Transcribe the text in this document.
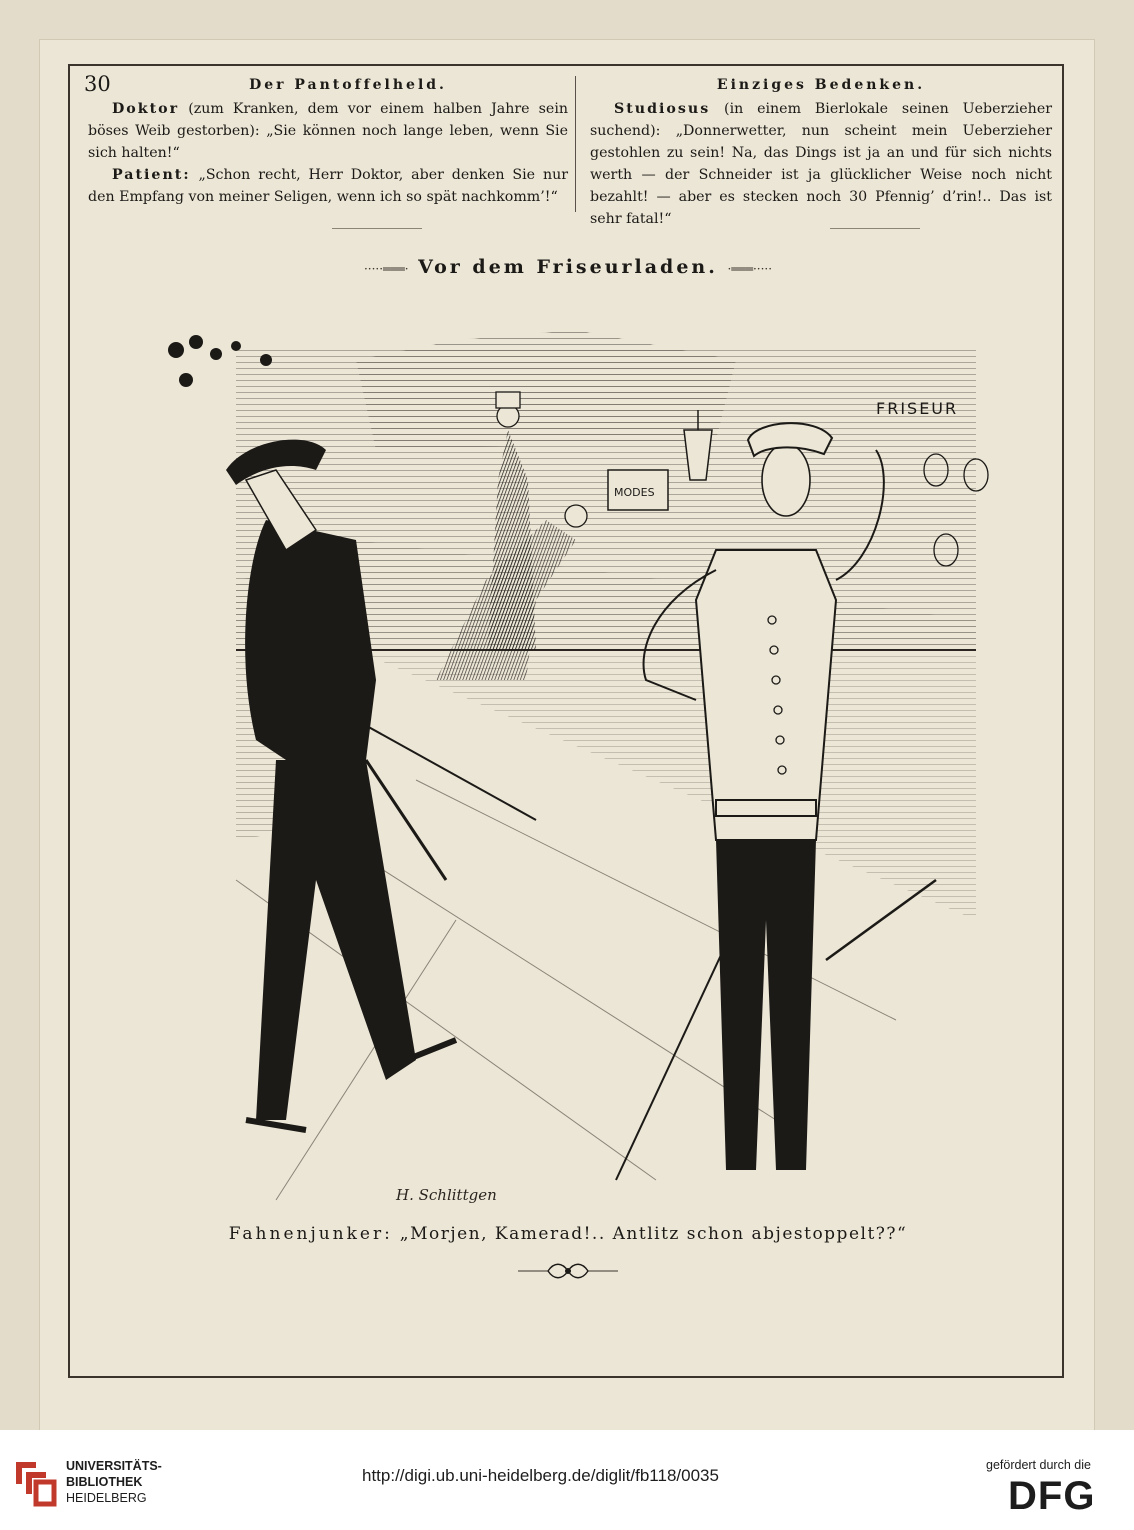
30	Der Pantoffelheld.

Doktor (zum Kranken, dem vor einem halben Jahre sein böses Weib gestorben): „Sie können noch lange leben, wenn Sie sich halten!“

Patient: „Schon recht, Herr Doktor, aber denken Sie nur den Empfang von meiner Seligen, wenn ich so spät nachkomm’!“

Einziges Bedenken.

Studiosus (in einem Bierlokale seinen Ueberzieher suchend): „Donnerwetter, nun scheint mein Ueberzieher gestohlen zu sein! Na, das Dings ist ja an und für sich nichts werth — der Schneider ist ja glücklicher Weise noch nicht bezahlt! — aber es stecken noch 30 Pfennig’ d’rin!.. Das ist sehr fatal!“

·····═══· Vor dem Friseurladen. ·═══·····
FRISEUR
MODES
H. Schlittgen
Fahnenjunker: „Morjen, Kamerad!.. Antlitz schon abjestoppelt??“
UNIVERSITÄTS-
BIBLIOTHEK
HEIDELBERG
http://digi.ub.uni-heidelberg.de/diglit/fb118/0035
gefördert durch die
DFG
